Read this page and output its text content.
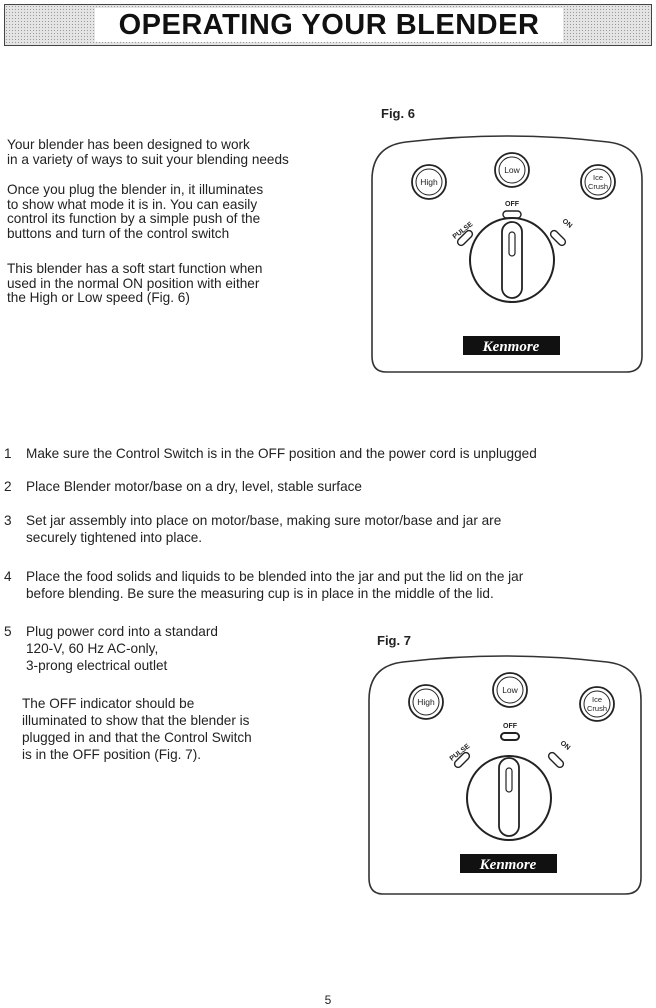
OPERATING YOUR BLENDER
Your blender has been designed to work
in a variety of ways to suit your blending needs
Once you plug the blender in, it illuminates
to show what mode it is in. You can easily
control its function by a simple push of the
buttons and turn of the control switch
This blender has a soft start function when
used in the normal ON position with either
the High or Low speed (Fig. 6)
Fig. 6
High
Low
Ice
Crush
OFF
PULSE	ON
Kenmore
1 Make sure the Control Switch is in the OFF position and the power cord is unplugged
2 Place Blender motor/base on a dry, level, stable surface
3 Set jar assembly into place on motor/base, making sure motor/base and jar are
securely tightened into place.
4 Place the food solids and liquids to be blended into the jar and put the lid on the jar
before blending. Be sure the measuring cup is in place in the middle of the lid.
5 Plug power cord into a standard
120-V, 60 Hz AC-only,
3-prong electrical outlet
The OFF indicator should be
illuminated to show that the blender is
plugged in and that the Control Switch
is in the OFF position (Fig. 7).
Fig. 7
High
Low
Ice
Crush
OFF
PULSE	ON
Kenmore
5
